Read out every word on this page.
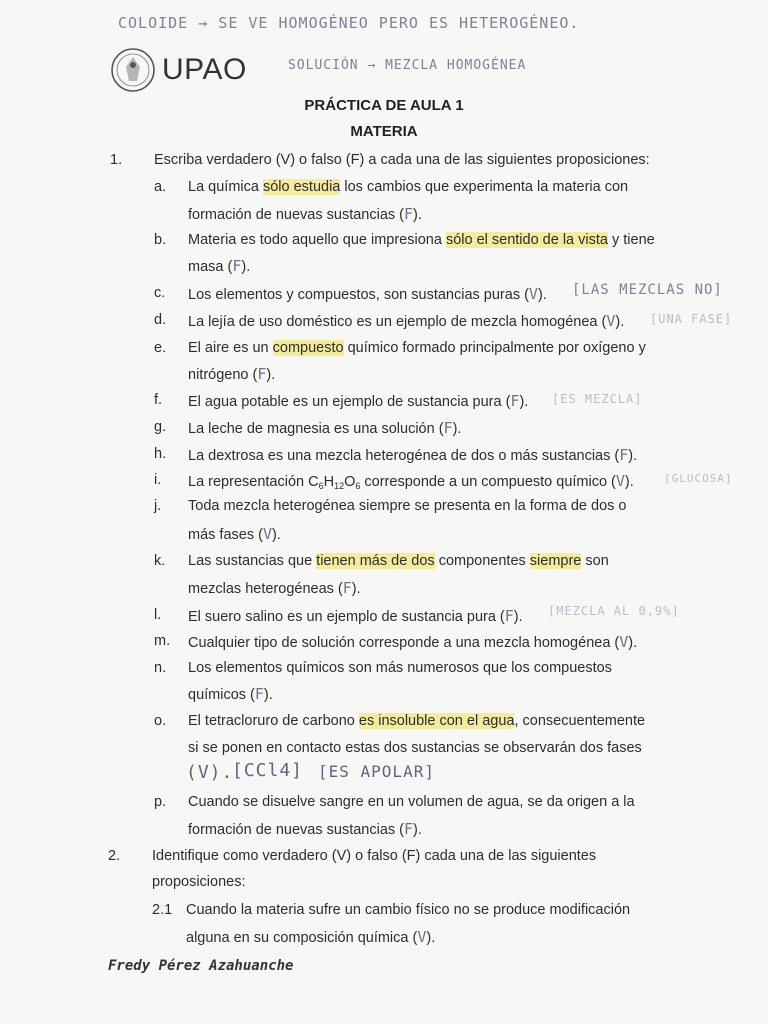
COLOIDE → SE VE HOMOGÉNEO PERO ES HETEROGÉNEO.
SOLUCIÓN → MEZCLA HOMOGÉNEA
UPAO
PRÁCTICA DE AULA 1
MATERIA
1. Escriba verdadero (V) o falso (F) a cada una de las siguientes proposiciones:
a. La química sólo estudia los cambios que experimenta la materia con
formación de nuevas sustancias (F).
b. Materia es todo aquello que impresiona sólo el sentido de la vista y tiene
masa (F).
c. Los elementos y compuestos, son sustancias puras (V). [LAS MEZCLAS NO]
d. La lejía de uso doméstico es un ejemplo de mezcla homogénea (V). [UNA FASE]
e. El aire es un compuesto químico formado principalmente por oxígeno y
nitrógeno (F).
f. El agua potable es un ejemplo de sustancia pura (F). [ES MEZCLA]
g. La leche de magnesia es una solución (F).
h. La dextrosa es una mezcla heterogénea de dos o más sustancias (F).
i. La representación $C_6H_{12}O_6$ corresponde a un compuesto químico (V).	[GLUCOSA]
j. Toda mezcla heterogénea siempre se presenta en la forma de dos o
más fases (V).
k. Las sustancias que tienen más de dos componentes siempre son
mezclas heterogéneas (F).
l. El suero salino es un ejemplo de sustancia pura (F). [MEZCLA AL 0,9%]
m. Cualquier tipo de solución corresponde a una mezcla homogénea (V).
n. Los elementos químicos son más numerosos que los compuestos
químicos (F).
o. El tetracloruro de carbono es insoluble con el agua, consecuentemente
si se ponen en contacto estas dos sustancias se observarán dos fases
(V).
[CCl4] [ES APOLAR]
p. Cuando se disuelve sangre en un volumen de agua, se da origen a la
formación de nuevas sustancias (F).
2. Identifique como verdadero (V) o falso (F) cada una de las siguientes
proposiciones:
2.1 Cuando la materia sufre un cambio físico no se produce modificación
alguna en su composición química (V).
Fredy Pérez Azahuanche
